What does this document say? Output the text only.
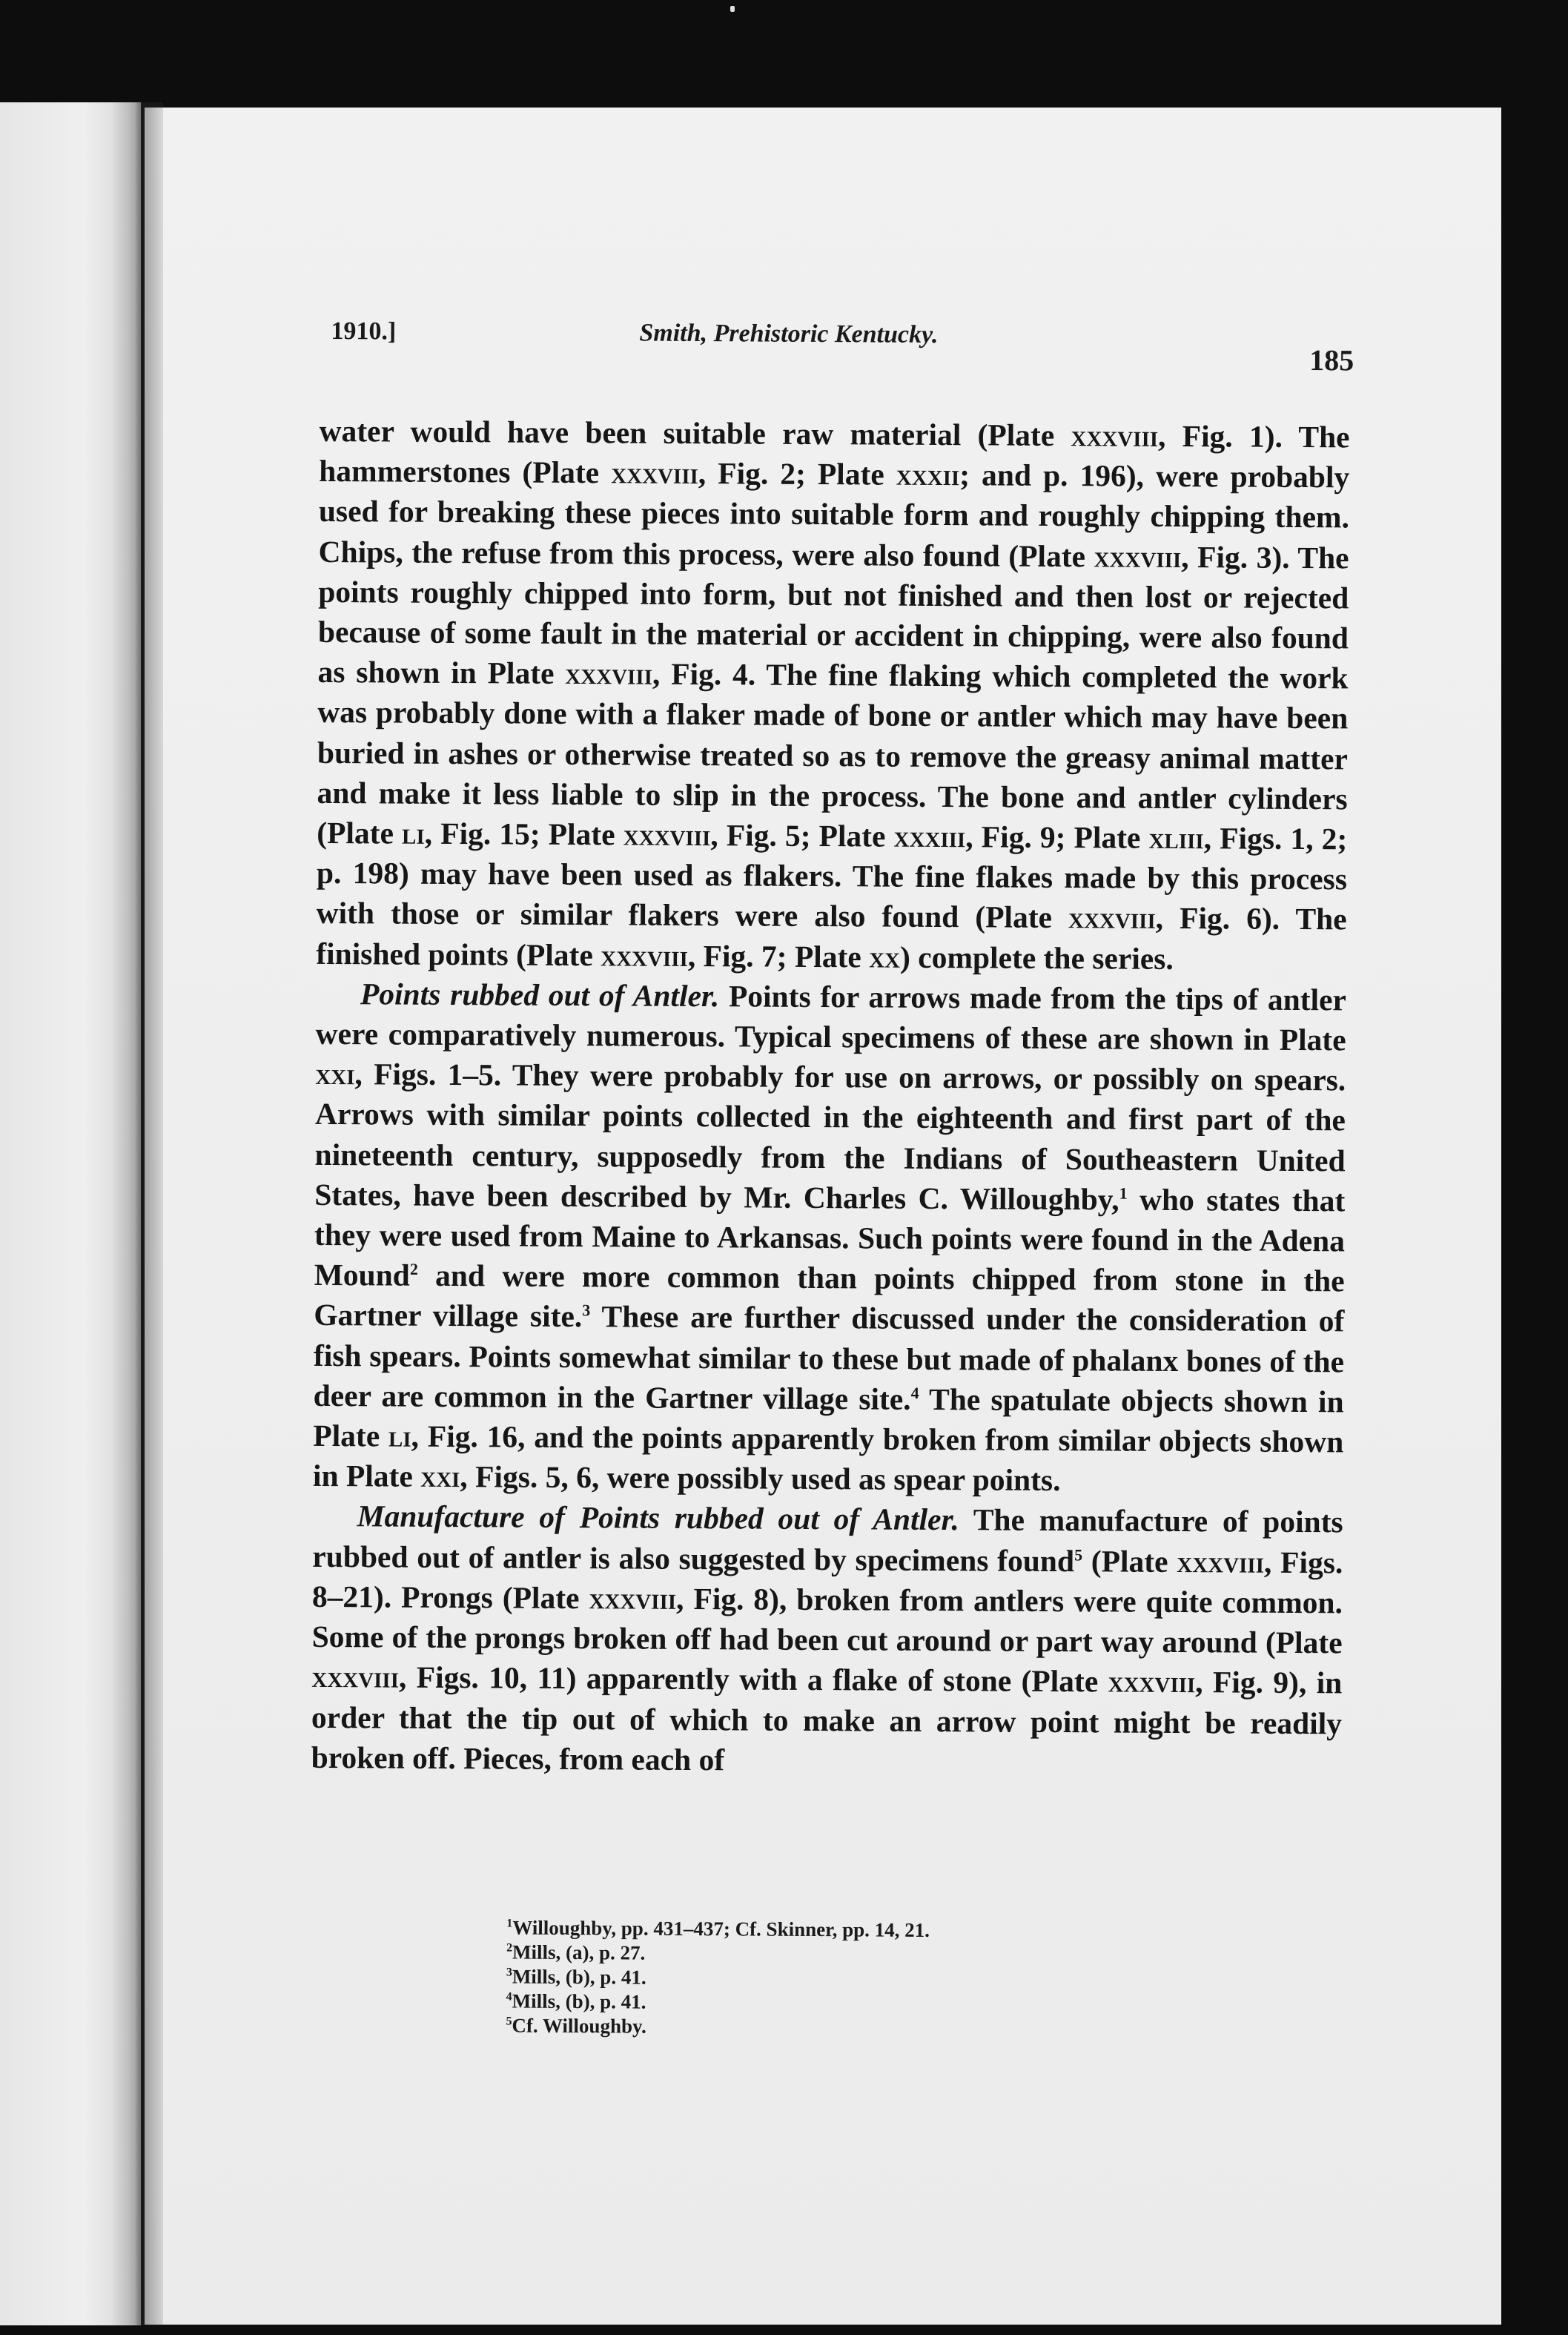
1910.]	Smith, Prehistoric Kentucky.
185

water would have been suitable raw material (Plate xxxviii, Fig. 1). The hammerstones (Plate xxxviii, Fig. 2; Plate xxxii; and p. 196), were probably used for breaking these pieces into suitable form and roughly chipping them. Chips, the refuse from this process, were also found (Plate xxxviii, Fig. 3). The points roughly chipped into form, but not finished and then lost or rejected because of some fault in the material or accident in chipping, were also found as shown in Plate xxxviii, Fig. 4. The fine flaking which completed the work was probably done with a flaker made of bone or antler which may have been buried in ashes or otherwise treated so as to remove the greasy animal matter and make it less liable to slip in the process. The bone and antler cylinders (Plate li, Fig. 15; Plate xxxviii, Fig. 5; Plate xxxiii, Fig. 9; Plate xliii, Figs. 1, 2; p. 198) may have been used as flakers. The fine flakes made by this process with those or similar flakers were also found (Plate xxxviii, Fig. 6). The finished points (Plate xxxviii, Fig. 7; Plate xx) complete the series.

Points rubbed out of Antler. Points for arrows made from the tips of antler were comparatively numerous. Typical specimens of these are shown in Plate xxi, Figs. 1–5. They were probably for use on arrows, or possibly on spears. Arrows with similar points collected in the eighteenth and first part of the nineteenth century, supposedly from the Indians of Southeastern United States, have been described by Mr. Charles C. Willoughby,$^1$ who states that they were used from Maine to Arkansas. Such points were found in the Adena Mound$^2$ and were more common than points chipped from stone in the Gartner village site.$^3$ These are further discussed under the consideration of fish spears. Points somewhat similar to these but made of phalanx bones of the deer are common in the Gartner village site.$^4$ The spatulate objects shown in Plate li, Fig. 16, and the points apparently broken from similar objects shown in Plate xxi, Figs. 5, 6, were possibly used as spear points.

Manufacture of Points rubbed out of Antler. The manufacture of points rubbed out of antler is also suggested by specimens found$^5$ (Plate xxxviii, Figs. 8–21). Prongs (Plate xxxviii, Fig. 8), broken from antlers were quite common. Some of the prongs broken off had been cut around or part way around (Plate xxxviii, Figs. 10, 11) apparently with a flake of stone (Plate xxxviii, Fig. 9), in order that the tip out of which to make an arrow point might be readily broken off. Pieces, from each of

$^1$Willoughby, pp. 431–437; Cf. Skinner, pp. 14, 21.
$^2$Mills, (a), p. 27.
$^3$Mills, (b), p. 41.
$^4$Mills, (b), p. 41.
$^5$Cf. Willoughby.
